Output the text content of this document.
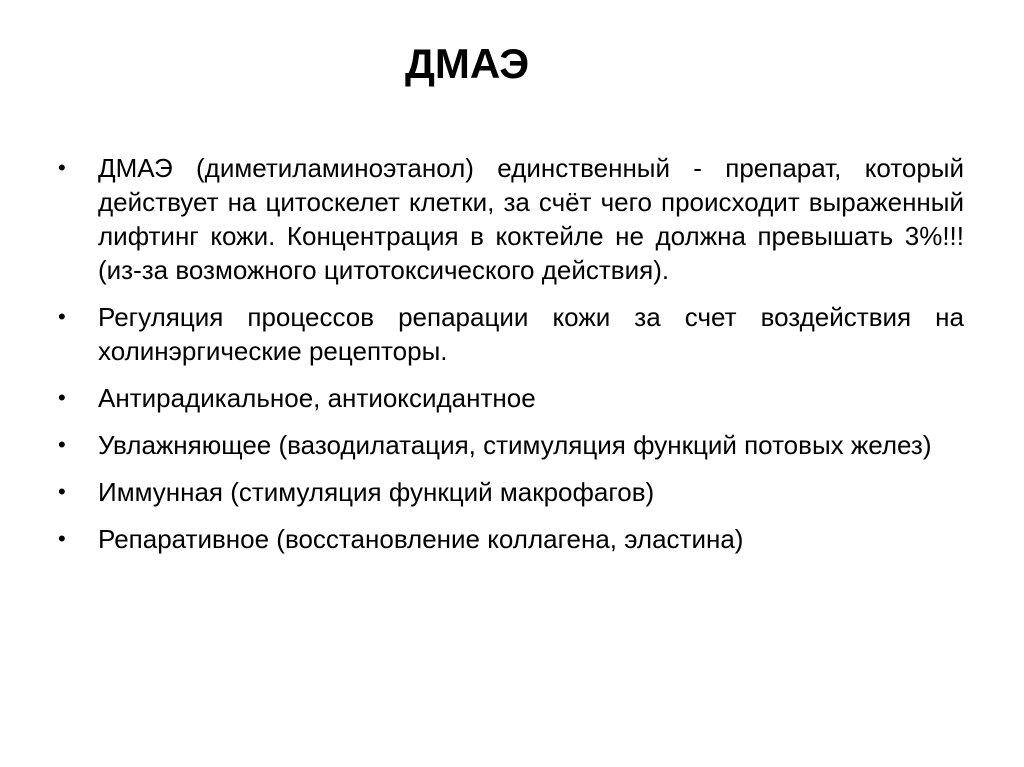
ДМАЭ
•	ДМАЭ (диметиламиноэтанол) единственный - препарат, который действует на цитоскелет клетки, за счёт чего происходит выраженный лифтинг кожи. Концентрация в коктейле не должна превышать 3%!!! (из-за возможного цитотоксического действия).

•	Регуляция процессов репарации кожи за счет воздействия на холинэргические рецепторы.

•	Антирадикальное, антиоксидантное

•	Увлажняющее (вазодилатация, стимуляция функций потовых желез)

•	Иммунная (стимуляция функций макрофагов)

•	Репаративное (восстановление коллагена, эластина)
